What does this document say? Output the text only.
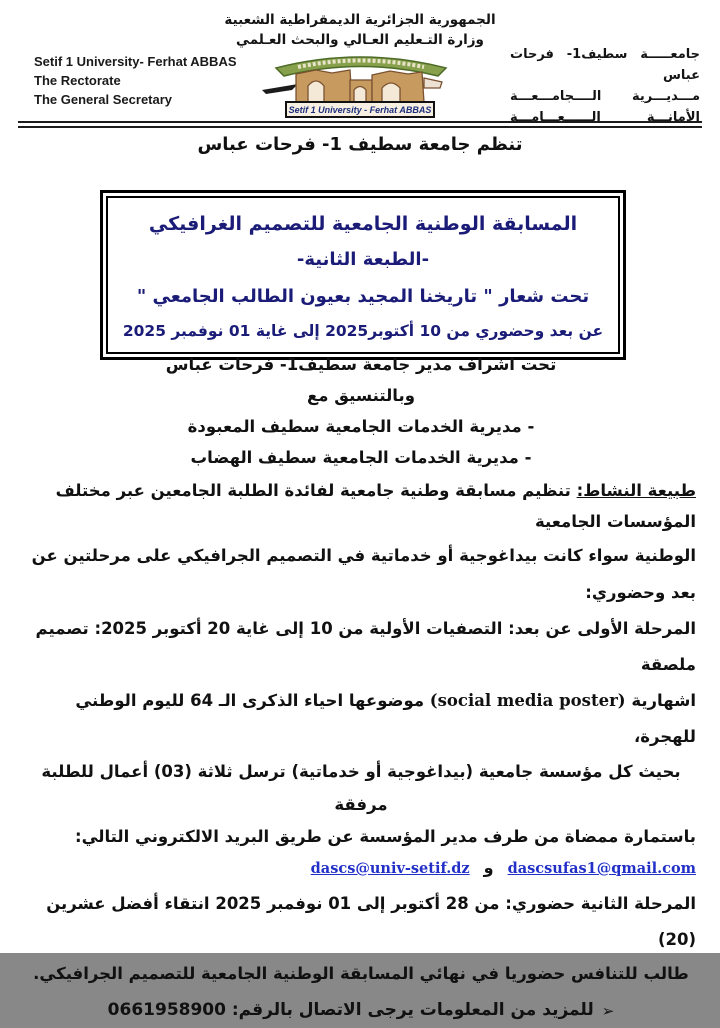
Setif 1 University- Ferhat ABBAS
The Rectorate
The General Secretary
الجمهورية الجزائرية الديمقراطية الشعبية
وزارة التـعليم العـالي والبحث العـلمي
Setif 1 University - Ferhat ABBAS
جامعـــــة سطيف1- فرحات عباس
مـــديـــرية الــــجامـــعـــة
الأمانـــة الــــــعـــامـــة
تنظم جامعة سطيف 1- فرحات عباس
المسابقة الوطنية الجامعية للتصميم الغرافيكي
-الطبعة الثانية-
تحت شعار " تاريخنا المجيد بعيون الطالب الجامعي "
عن بعد وحضوري من 10 أكتوبر2025 إلى غاية 01 نوفمبر 2025
تحت اشراف مدير جامعة سطيف1- فرحات عباس
وبالتنسيق مع
- مديرية الخدمات الجامعية سطيف المعبودة
- مديرية الخدمات الجامعية سطيف الهضاب
طبيعة النشاط: تنظيم مسابقة وطنية جامعية لفائدة الطلبة الجامعين عبر مختلف المؤسسات الجامعية
الوطنية سواء كانت بيداغوجية أو خدماتية في التصميم الجرافيكي على مرحلتين عن بعد وحضوري:
المرحلة الأولى عن بعد: التصفيات الأولية من 10 إلى غاية 20 أكتوبر 2025: تصميم ملصقة
اشهارية (social media poster) موضوعها احياء الذكرى الـ 64 لليوم الوطني للهجرة،
بحيث كل مؤسسة جامعية (بيداغوجية أو خدماتية) ترسل ثلاثة (03) أعمال للطلبة مرفقة
باستمارة ممضاة من طرف مدير المؤسسة عن طريق البريد الالكتروني التالي:
dascsufas1@qmail.comوdascs@univ-setif.dz
المرحلة الثانية حضوري: من 28 أكتوبر إلى 01 نوفمبر 2025 انتقاء أفضل عشرين (20)
طالب للتنافس حضوريا في نهائي المسابقة الوطنية الجامعية للتصميم الجرافيكي.
➢للمزيد من المعلومات يرجى الاتصال بالرقم: 0661958900
